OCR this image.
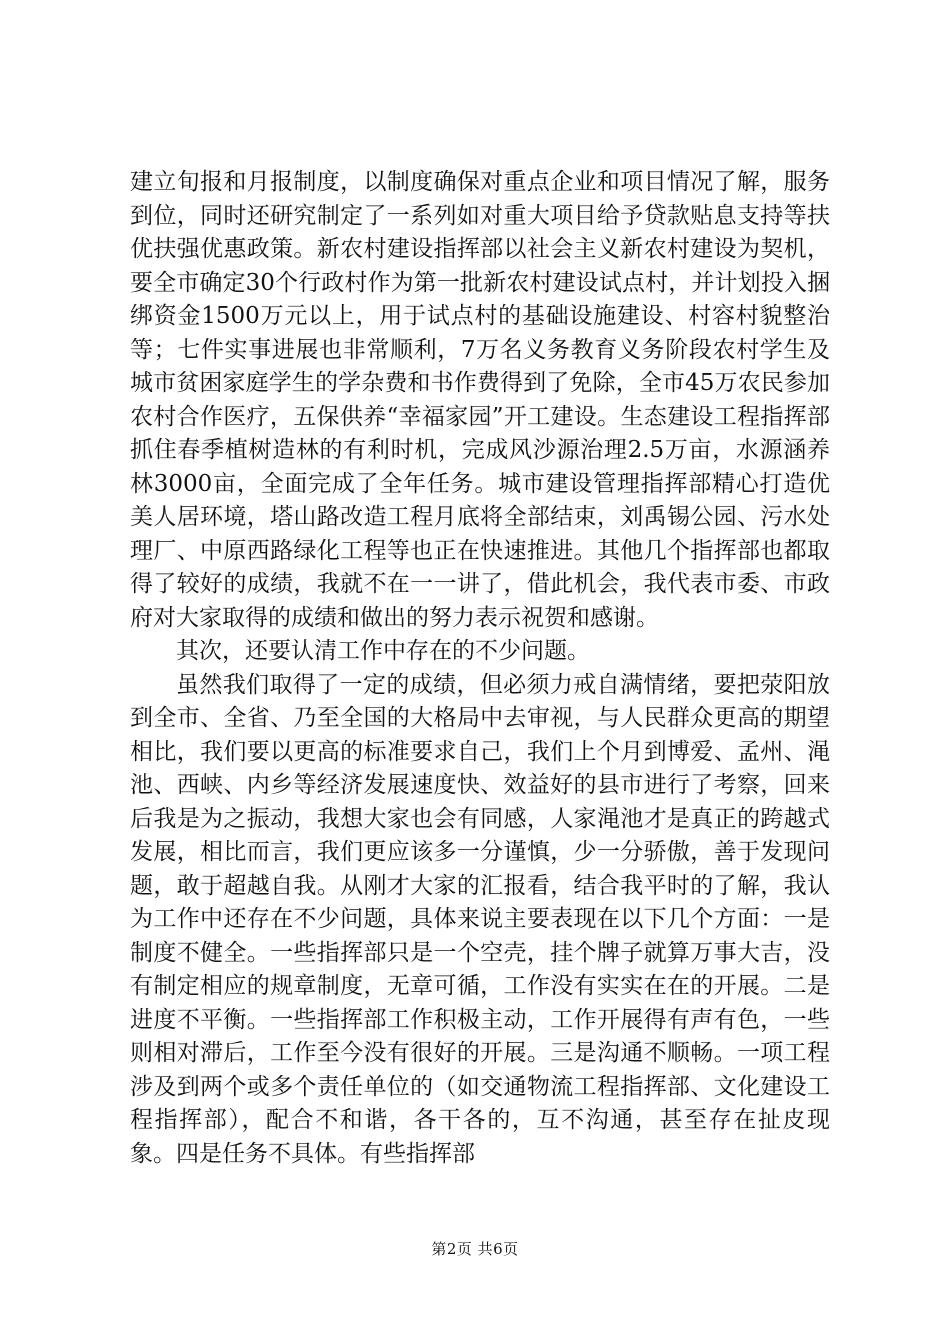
建立旬报和月报制度，以制度确保对重点企业和项目情况了解，服务到位，同时还研究制定了一系列如对重大项目给予贷款贴息支持等扶优扶强优惠政策。新农村建设指挥部以社会主义新农村建设为契机，要全市确定30个行政村作为第一批新农村建设试点村，并计划投入捆绑资金1500万元以上，用于试点村的基础设施建设、村容村貌整治等；七件实事进展也非常顺利，7万名义务教育义务阶段农村学生及城市贫困家庭学生的学杂费和书作费得到了免除，全市45万农民参加农村合作医疗，五保供养“幸福家园”开工建设。生态建设工程指挥部抓住春季植树造林的有利时机，完成风沙源治理2.5万亩，水源涵养林3000亩，全面完成了全年任务。城市建设管理指挥部精心打造优美人居环境，塔山路改造工程月底将全部结束，刘禹锡公园、污水处理厂、中原西路绿化工程等也正在快速推进。其他几个指挥部也都取得了较好的成绩，我就不在一一讲了，借此机会，我代表市委、市政府对大家取得的成绩和做出的努力表示祝贺和感谢。

其次，还要认清工作中存在的不少问题。

虽然我们取得了一定的成绩，但必须力戒自满情绪，要把荥阳放到全市、全省、乃至全国的大格局中去审视，与人民群众更高的期望相比，我们要以更高的标准要求自己，我们上个月到博爱、孟州、渑池、西峡、内乡等经济发展速度快、效益好的县市进行了考察，回来后我是为之振动，我想大家也会有同感，人家渑池才是真正的跨越式发展，相比而言，我们更应该多一分谨慎，少一分骄傲，善于发现问题，敢于超越自我。从刚才大家的汇报看，结合我平时的了解，我认为工作中还存在不少问题，具体来说主要表现在以下几个方面：一是制度不健全。一些指挥部只是一个空壳，挂个牌子就算万事大吉，没有制定相应的规章制度，无章可循，工作没有实实在在的开展。二是进度不平衡。一些指挥部工作积极主动，工作开展得有声有色，一些则相对滞后，工作至今没有很好的开展。三是沟通不顺畅。一项工程涉及到两个或多个责任单位的（如交通物流工程指挥部、文化建设工程指挥部），配合不和谐，各干各的，互不沟通，甚至存在扯皮现象。四是任务不具体。有些指挥部

第2页 共6页
